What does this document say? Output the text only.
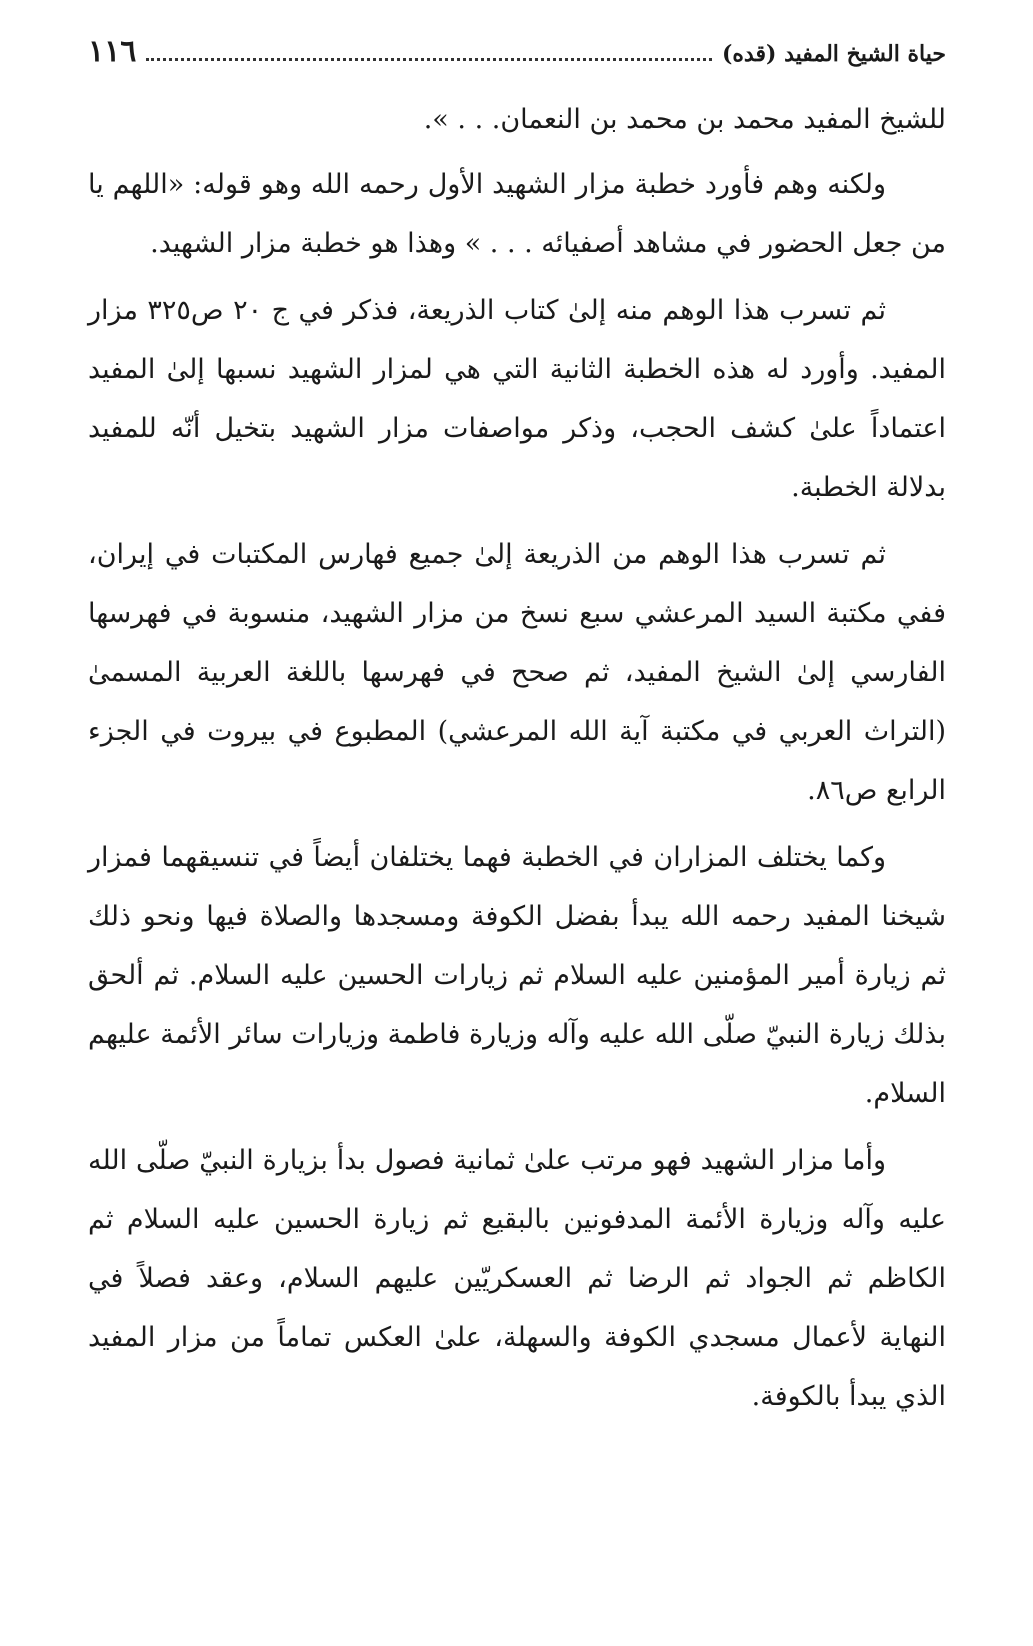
حياة الشيخ المفيد (قده)
١١٦

للشيخ المفيد محمد بن محمد بن النعمان. . . ».

ولكنه وهم فأورد خطبة مزار الشهيد الأول رحمه الله وهو قوله: «اللهم يا من جعل الحضور في مشاهد أصفيائه . . . » وهذا هو خطبة مزار الشهيد.

ثم تسرب هذا الوهم منه إلىٰ كتاب الذريعة، فذكر في ج ٢٠ ص٣٢٥ مزار المفيد. وأورد له هذه الخطبة الثانية التي هي لمزار الشهيد نسبها إلىٰ المفيد اعتماداً علىٰ كشف الحجب، وذكر مواصفات مزار الشهيد بتخيل أنّه للمفيد بدلالة الخطبة.

ثم تسرب هذا الوهم من الذريعة إلىٰ جميع فهارس المكتبات في إيران، ففي مكتبة السيد المرعشي سبع نسخ من مزار الشهيد، منسوبة في فهرسها الفارسي إلىٰ الشيخ المفيد، ثم صحح في فهرسها باللغة العربية المسمىٰ (التراث العربي في مكتبة آية الله المرعشي) المطبوع في بيروت في الجزء الرابع ص٨٦.

وكما يختلف المزاران في الخطبة فهما يختلفان أيضاً في تنسيقهما فمزار شيخنا المفيد رحمه الله يبدأ بفضل الكوفة ومسجدها والصلاة فيها ونحو ذلك ثم زيارة أمير المؤمنين عليه السلام ثم زيارات الحسين عليه السلام. ثم ألحق بذلك زيارة النبيّ صلّى الله عليه وآله وزيارة فاطمة وزيارات سائر الأئمة عليهم السلام.

وأما مزار الشهيد فهو مرتب علىٰ ثمانية فصول بدأ بزيارة النبيّ صلّى الله عليه وآله وزيارة الأئمة المدفونين بالبقيع ثم زيارة الحسين عليه السلام ثم الكاظم ثم الجواد ثم الرضا ثم العسكريّين عليهم السلام، وعقد فصلاً في النهاية لأعمال مسجدي الكوفة والسهلة، علىٰ العكس تماماً من مزار المفيد الذي يبدأ بالكوفة.
